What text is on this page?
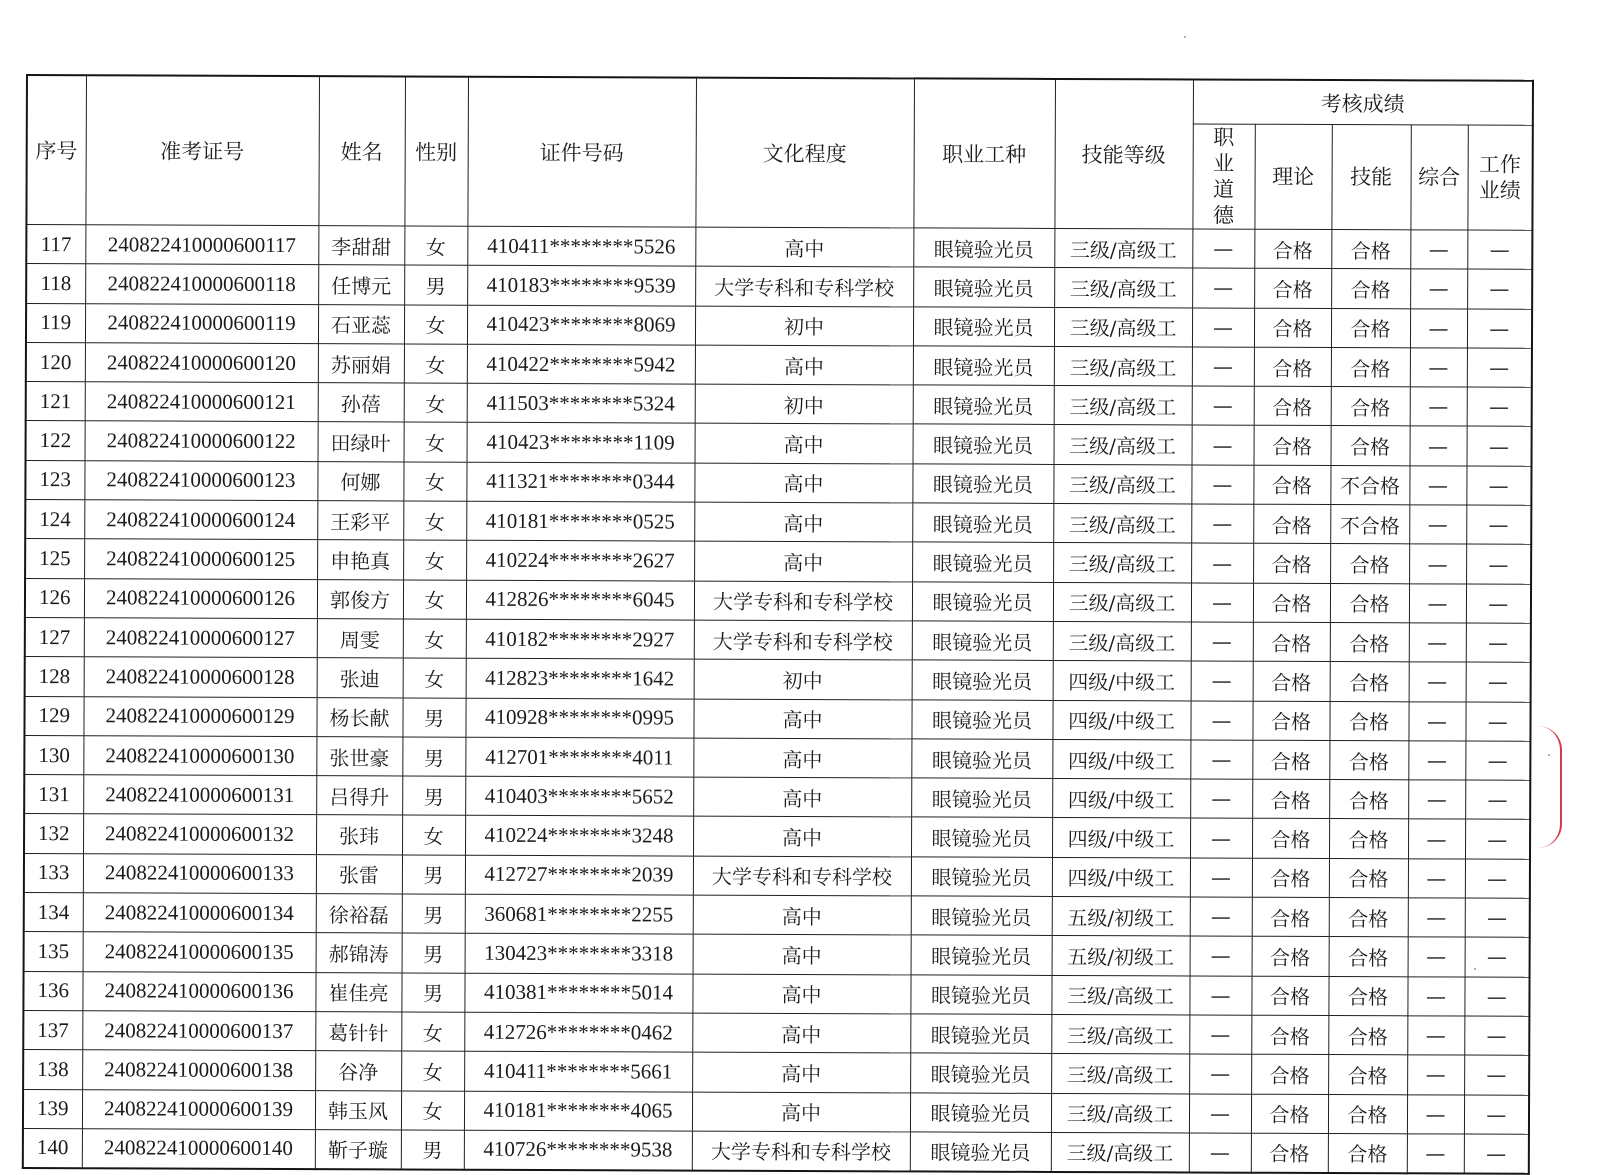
序号	准考证号	姓名	性别	证件号码	文化程度	职业工种	技能等级	考核成绩				
								职业道德	理论	技能	综合	工作业绩
117	240822410000600117	李甜甜	女	410411********5526	高中	眼镜验光员	三级/高级工	—	合格	合格	—	—
118	240822410000600118	任博元	男	410183********9539	大学专科和专科学校	眼镜验光员	三级/高级工	—	合格	合格	—	—
119	240822410000600119	石亚蕊	女	410423********8069	初中	眼镜验光员	三级/高级工	—	合格	合格	—	—
120	240822410000600120	苏丽娟	女	410422********5942	高中	眼镜验光员	三级/高级工	—	合格	合格	—	—
121	240822410000600121	孙蓓	女	411503********5324	初中	眼镜验光员	三级/高级工	—	合格	合格	—	—
122	240822410000600122	田绿叶	女	410423********1109	高中	眼镜验光员	三级/高级工	—	合格	合格	—	—
123	240822410000600123	何娜	女	411321********0344	高中	眼镜验光员	三级/高级工	—	合格	不合格	—	—
124	240822410000600124	王彩平	女	410181********0525	高中	眼镜验光员	三级/高级工	—	合格	不合格	—	—
125	240822410000600125	申艳真	女	410224********2627	高中	眼镜验光员	三级/高级工	—	合格	合格	—	—
126	240822410000600126	郭俊方	女	412826********6045	大学专科和专科学校	眼镜验光员	三级/高级工	—	合格	合格	—	—
127	240822410000600127	周雯	女	410182********2927	大学专科和专科学校	眼镜验光员	三级/高级工	—	合格	合格	—	—
128	240822410000600128	张迪	女	412823********1642	初中	眼镜验光员	四级/中级工	—	合格	合格	—	—
129	240822410000600129	杨长献	男	410928********0995	高中	眼镜验光员	四级/中级工	—	合格	合格	—	—
130	240822410000600130	张世豪	男	412701********4011	高中	眼镜验光员	四级/中级工	—	合格	合格	—	—
131	240822410000600131	吕得升	男	410403********5652	高中	眼镜验光员	四级/中级工	—	合格	合格	—	—
132	240822410000600132	张玮	女	410224********3248	高中	眼镜验光员	四级/中级工	—	合格	合格	—	—
133	240822410000600133	张雷	男	412727********2039	大学专科和专科学校	眼镜验光员	四级/中级工	—	合格	合格	—	—
134	240822410000600134	徐裕磊	男	360681********2255	高中	眼镜验光员	五级/初级工	—	合格	合格	—	—
135	240822410000600135	郝锦涛	男	130423********3318	高中	眼镜验光员	五级/初级工	—	合格	合格	—	—
136	240822410000600136	崔佳亮	男	410381********5014	高中	眼镜验光员	三级/高级工	—	合格	合格	—	—
137	240822410000600137	葛针针	女	412726********0462	高中	眼镜验光员	三级/高级工	—	合格	合格	—	—
138	240822410000600138	谷净	女	410411********5661	高中	眼镜验光员	三级/高级工	—	合格	合格	—	—
139	240822410000600139	韩玉风	女	410181********4065	高中	眼镜验光员	三级/高级工	—	合格	合格	—	—
140	240822410000600140	靳子璇	男	410726********9538	大学专科和专科学校	眼镜验光员	三级/高级工	—	合格	合格	—	—
